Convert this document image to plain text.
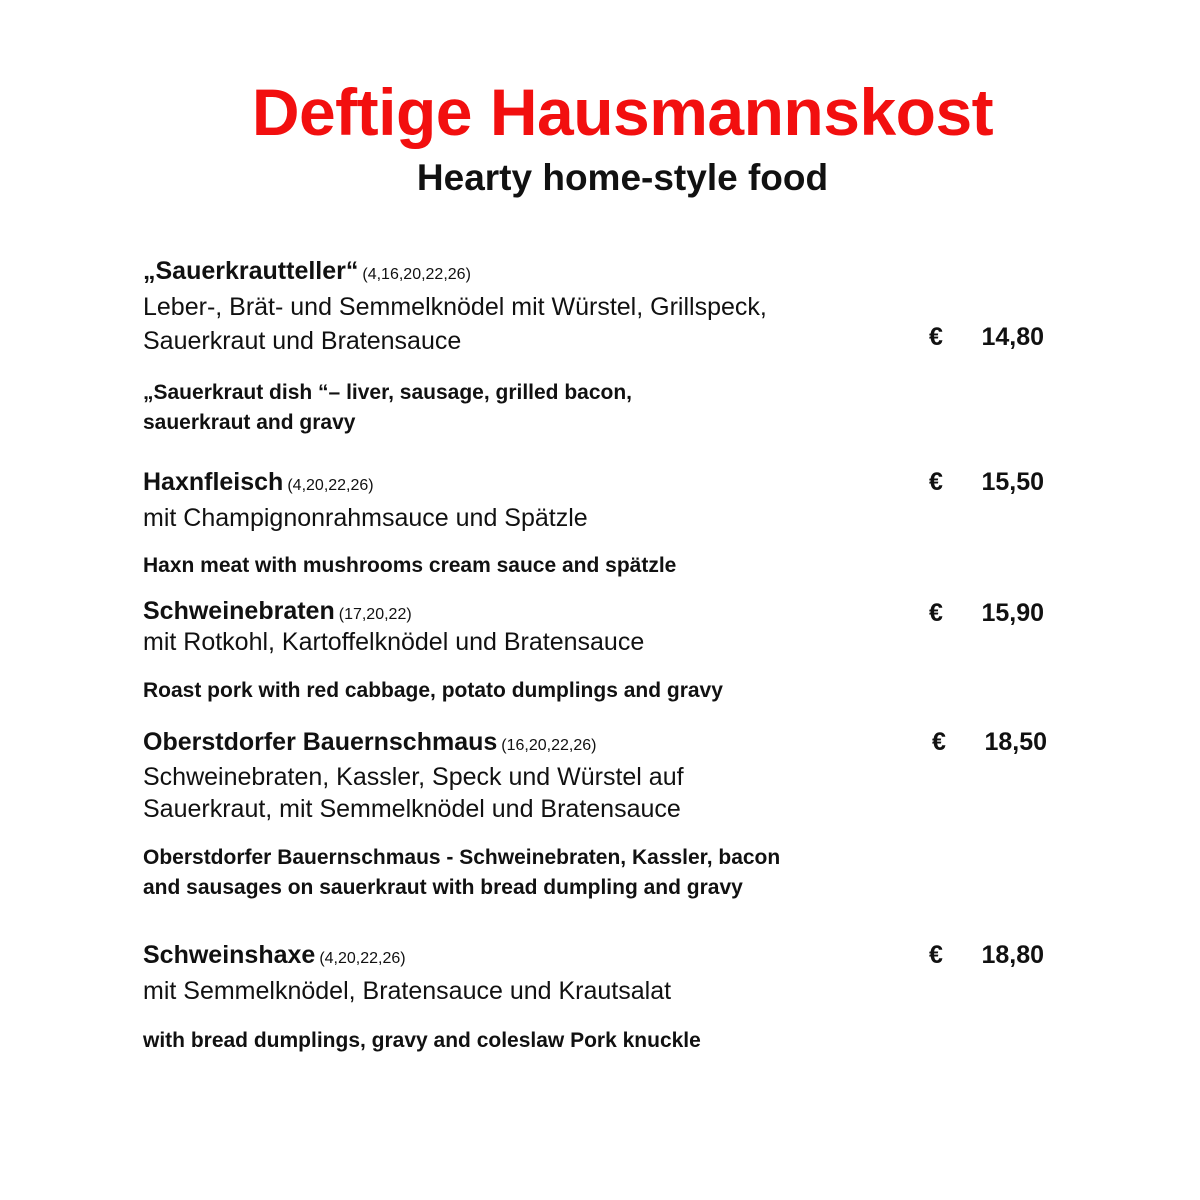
Deftige Hausmannskost
Hearty home-style food
„Sauerkrautteller“ (4,16,20,22,26)
Leber-, Brät- und Semmelknödel mit Würstel, Grillspeck,
Sauerkraut und Bratensauce
„Sauerkraut dish “– liver, sausage, grilled bacon,
sauerkraut and gravy
€ 14,80
Haxnfleisch (4,20,22,26)
mit Champignonrahmsauce und Spätzle
Haxn meat with mushrooms cream sauce and spätzle
€ 15,50
Schweinebraten (17,20,22)
mit Rotkohl, Kartoffelknödel und Bratensauce
Roast pork with red cabbage, potato dumplings and gravy
€ 15,90
Oberstdorfer Bauernschmaus (16,20,22,26)
Schweinebraten, Kassler, Speck und Würstel auf
Sauerkraut, mit Semmelknödel und Bratensauce
Oberstdorfer Bauernschmaus - Schweinebraten, Kassler, bacon
and sausages on sauerkraut with bread dumpling and gravy
€ 18,50
Schweinshaxe (4,20,22,26)
mit Semmelknödel, Bratensauce und Krautsalat
with bread dumplings, gravy and coleslaw Pork knuckle
€ 18,80
